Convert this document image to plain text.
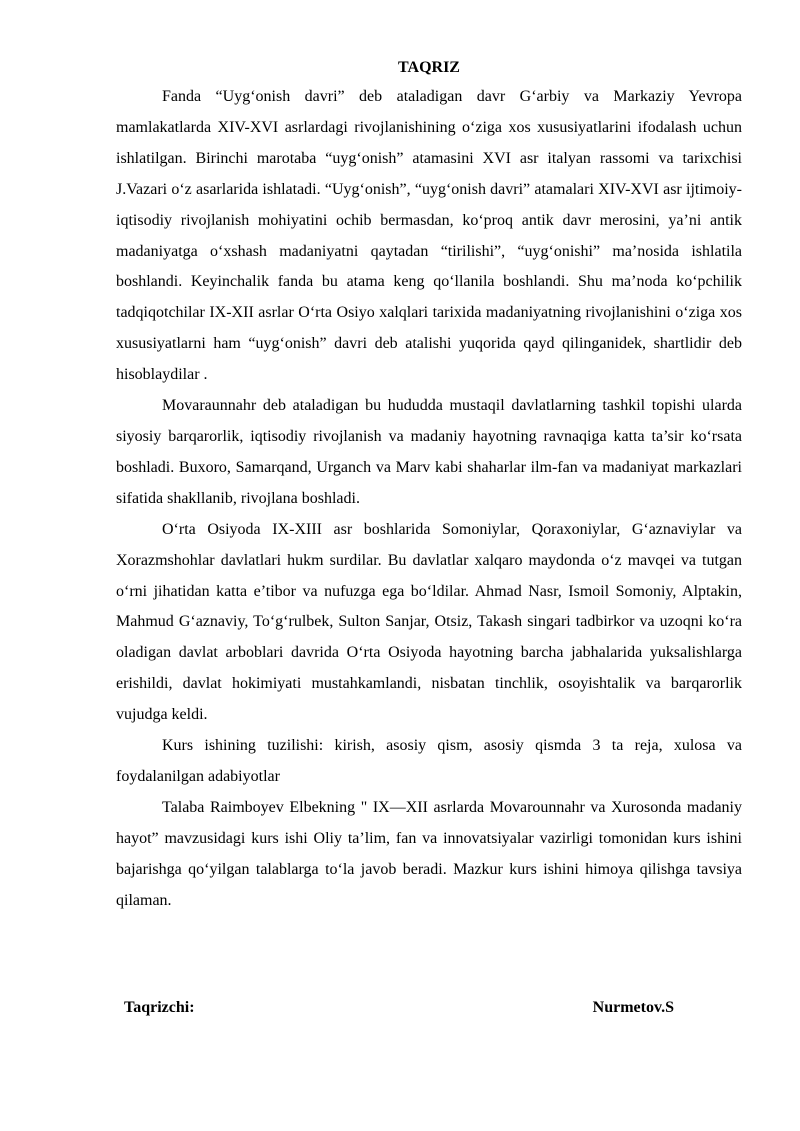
TAQRIZ

Fanda “Uyg‘onish davri” deb ataladigan davr G‘arbiy va Markaziy Yevropa mamlakatlarda XIV-XVI asrlardagi rivojlanishining o‘ziga xos xususiyatlarini ifodalash uchun ishlatilgan. Birinchi marotaba “uyg‘onish” atamasini XVI asr italyan rassomi va tarixchisi J.Vazari o‘z asarlarida ishlatadi. “Uyg‘onish”, “uyg‘onish davri” atamalari XIV-XVI asr ijtimoiy-iqtisodiy rivojlanish mohiyatini ochib bermasdan, ko‘proq antik davr merosini, ya’ni antik madaniyatga o‘xshash madaniyatni qaytadan “tirilishi”, “uyg‘onishi” ma’nosida ishlatila boshlandi. Keyinchalik fanda bu atama keng qo‘llanila boshlandi. Shu ma’noda ko‘pchilik tadqiqotchilar IX-XII asrlar O‘rta Osiyo xalqlari tarixida madaniyatning rivojlanishini o‘ziga xos xususiyatlarni ham “uyg‘onish” davri deb atalishi yuqorida qayd qilinganidek, shartlidir deb hisoblaydilar .

Movaraunnahr deb ataladigan bu hududda mustaqil davlatlarning tashkil topishi ularda siyosiy barqarorlik, iqtisodiy rivojlanish va madaniy hayotning ravnaqiga katta ta’sir ko‘rsata boshladi. Buxoro, Samarqand, Urganch va Marv kabi shaharlar ilm-fan va madaniyat markazlari sifatida shakllanib, rivojlana boshladi.

O‘rta Osiyoda IX-XIII asr boshlarida Somoniylar, Qoraxoniylar, G‘aznaviylar va Xorazmshohlar davlatlari hukm surdilar. Bu davlatlar xalqaro maydonda o‘z mavqei va tutgan o‘rni jihatidan katta e’tibor va nufuzga ega bo‘ldilar. Ahmad Nasr, Ismoil Somoniy, Alptakin, Mahmud G‘aznaviy, To‘g‘rulbek, Sulton Sanjar, Otsiz, Takash singari tadbirkor va uzoqni ko‘ra oladigan davlat arboblari davrida O‘rta Osiyoda hayotning barcha jabhalarida yuksalishlarga erishildi, davlat hokimiyati mustahkamlandi, nisbatan tinchlik, osoyishtalik va barqarorlik vujudga keldi.

Kurs ishining tuzilishi: kirish, asosiy qism, asosiy qismda 3 ta reja, xulosa va foydalanilgan adabiyotlar

Talaba Raimboyev Elbekning " IX—XII asrlarda Movarounnahr va Xurosonda madaniy hayot” mavzusidagi kurs ishi Oliy ta’lim, fan va innovatsiyalar vazirligi tomonidan kurs ishini bajarishga qo‘yilgan talablarga to‘la javob beradi. Mazkur kurs ishini himoya qilishga tavsiya qilaman.

Taqrizchi:	Nurmetov.S
